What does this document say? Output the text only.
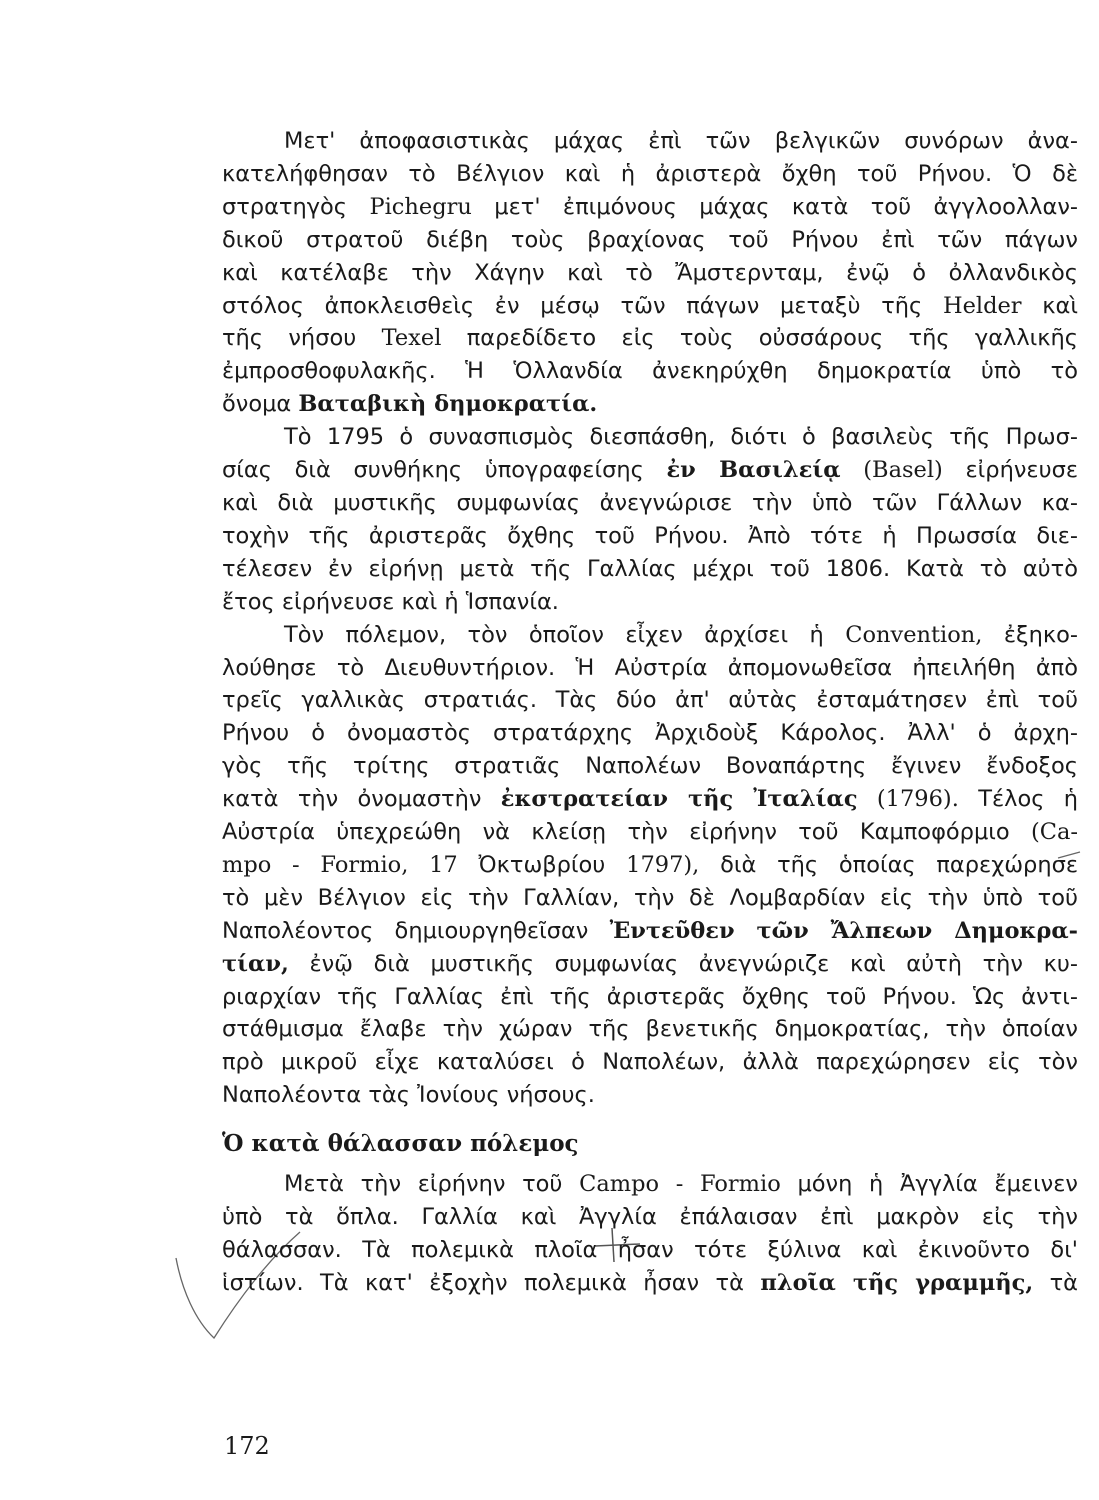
Μετ' ἀποφασιστικὰς μάχας ἐπὶ τῶν βελγικῶν συνόρων ἀνα-
κατελήφθησαν τὸ Βέλγιον καὶ ἡ ἀριστερὰ ὄχθη τοῦ Ρήνου. Ὁ δὲ
στρατηγὸς Pichegru μετ' ἐπιμόνους μάχας κατὰ τοῦ ἀγγλοολλαν-
δικοῦ στρατοῦ διέβη τοὺς βραχίονας τοῦ Ρήνου ἐπὶ τῶν πάγων
καὶ κατέλαβε τὴν Χάγην καὶ τὸ Ἄμστερνταμ, ἐνῷ ὁ ὀλλανδικὸς
στόλος ἀποκλεισθεὶς ἐν μέσῳ τῶν πάγων μεταξὺ τῆς Helder καὶ
τῆς νήσου Texel παρεδίδετο εἰς τοὺς οὐσσάρους τῆς γαλλικῆς
ἐμπροσθοφυλακῆς. Ἡ Ὁλλανδία ἀνεκηρύχθη δημοκρατία ὑπὸ τὸ
ὄνομα Βαταβικὴ δημοκρατία.
Τὸ 1795 ὁ συνασπισμὸς διεσπάσθη, διότι ὁ βασιλεὺς τῆς Πρωσ-
σίας διὰ συνθήκης ὑπογραφείσης ἐν Βασιλείᾳ (Basel) εἰρήνευσε
καὶ διὰ μυστικῆς συμφωνίας ἀνεγνώρισε τὴν ὑπὸ τῶν Γάλλων κα-
τοχὴν τῆς ἀριστερᾶς ὄχθης τοῦ Ρήνου. Ἀπὸ τότε ἡ Πρωσσία διε-
τέλεσεν ἐν εἰρήνῃ μετὰ τῆς Γαλλίας μέχρι τοῦ 1806. Κατὰ τὸ αὐτὸ
ἔτος εἰρήνευσε καὶ ἡ Ἱσπανία.
Τὸν πόλεμον, τὸν ὁποῖον εἶχεν ἀρχίσει ἡ Convention, ἐξηκο-
λούθησε τὸ Διευθυντήριον. Ἡ Αὐστρία ἀπομονωθεῖσα ἠπειλήθη ἀπὸ
τρεῖς γαλλικὰς στρατιάς. Τὰς δύο ἀπ' αὐτὰς ἐσταμάτησεν ἐπὶ τοῦ
Ρήνου ὁ ὀνομαστὸς στρατάρχης Ἀρχιδοὺξ Κάρολος. Ἀλλ' ὁ ἀρχη-
γὸς τῆς τρίτης στρατιᾶς Ναπολέων Βοναπάρτης ἔγινεν ἔνδοξος
κατὰ τὴν ὀνομαστὴν ἐκστρατείαν τῆς Ἰταλίας (1796). Τέλος ἡ
Αὐστρία ὑπεχρεώθη νὰ κλείσῃ τὴν εἰρήνην τοῦ Καμποφόρμιο (Ca-
mpo - Formio, 17 Ὀκτωβρίου 1797), διὰ τῆς ὁποίας παρεχώρησε
τὸ μὲν Βέλγιον εἰς τὴν Γαλλίαν, τὴν δὲ Λομβαρδίαν εἰς τὴν ὑπὸ τοῦ
Ναπολέοντος δημιουργηθεῖσαν Ἐντεῦθεν τῶν Ἄλπεων Δημοκρα-
τίαν, ἐνῷ διὰ μυστικῆς συμφωνίας ἀνεγνώριζε καὶ αὐτὴ τὴν κυ-
ριαρχίαν τῆς Γαλλίας ἐπὶ τῆς ἀριστερᾶς ὄχθης τοῦ Ρήνου. Ὡς ἀντι-
στάθμισμα ἔλαβε τὴν χώραν τῆς βενετικῆς δημοκρατίας, τὴν ὁποίαν
πρὸ μικροῦ εἶχε καταλύσει ὁ Ναπολέων, ἀλλὰ παρεχώρησεν εἰς τὸν
Ναπολέοντα τὰς Ἰονίους νήσους.
Ὁ κατὰ θάλασσαν πόλεμος
Μετὰ τὴν εἰρήνην τοῦ Campo - Formio μόνη ἡ Ἀγγλία ἔμεινεν
ὑπὸ τὰ ὅπλα. Γαλλία καὶ Ἀγγλία ἐπάλαισαν ἐπὶ μακρὸν εἰς τὴν
θάλασσαν. Τὰ πολεμικὰ πλοῖα ἦσαν τότε ξύλινα καὶ ἐκινοῦντο δι'
ἱστίων. Τὰ κατ' ἐξοχὴν πολεμικὰ ἦσαν τὰ πλοῖα τῆς γραμμῆς, τὰ
172
